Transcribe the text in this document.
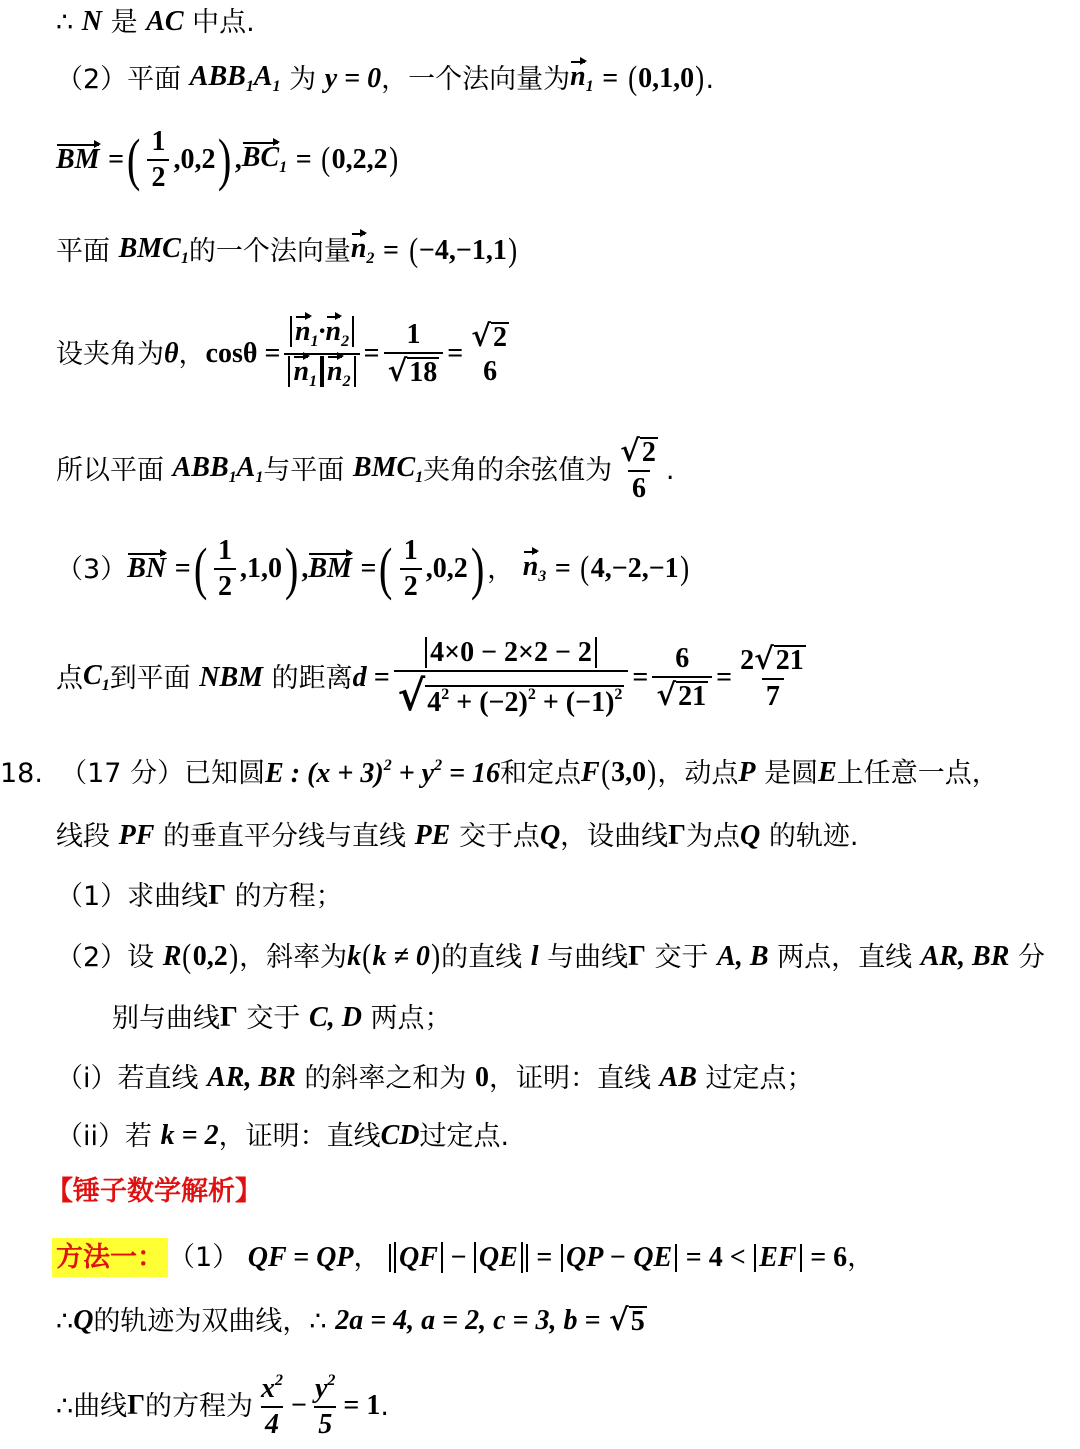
∴
N
是
AC
中点.
（2）平面
$ABB_1A_1$
为
y = 0 ，一个法向量为 $n_1$
=
( 0,1,0 ) .
BM
= ( $\frac{1}{2} ,0,2$ ) , $BC_1$
=
( 0,2,2 )
平面
$BMC_1$ 的一个法向量 $n_2$
=
( −4,−1,1 )
设夹角为 θ ， $\cos\theta = \frac{n_1\cdot n_2}{n_1 n_2} = \frac{1}{√ 18}$ = √ 2
6
所以平面
$ABB_1A_1$ 与平面
$BMC_1$ 夹角的余弦值为 $\frac{√ 2}{6}$ .
（3） BN
= ( $\frac{1}{2} ,1,0$ ) , BM
= ( $\frac{1}{2} ,0,2$ ) ， $n_3$
=
( 4,−2,−1 )
点 $C_1$ 到平面
NBM
的距离 $d = \frac{4\times 0 - 2\times 2 - 2}{√ 4^2 + (-2)^2 + (-1)^2} = \frac{6}{√ 21} = \frac{2 √ 21}{7}$
18.
（17 分）已知圆 E : $(x + 3)^2 + y^2 = 16$ 和定点 F ( 3,0 ) ，动点 P
是圆 E 上任意一点，
线段
PF
的垂直平分线与直线
PE
交于点 Q ，设曲线 Γ 为点 Q
的轨迹.
（1）求曲线 Γ
的方程；
（2）设
R ( 0,2 ) ，斜率为 k ( k ≠ 0 ) 的直线
l
与曲线 Γ
交于
A, B
两点，直线
AR, BR
分
别与曲线 Γ
交于
C, D
两点；
（i）若直线
AR, BR
的斜率之和为
0 ，证明：直线
AB
过定点；
（ii）若
k = 2 ，证明：直线 CD 过定点.
【锤子数学解析】
方法一： （1）
QF = QP ，
QF − QE
=
QP − QE
= 4 <
EF
= 6 ，
∴ Q 的轨迹为双曲线， ∴
2a = 4, a = 2, c = 3, b =
√ 5
∴ 曲线 Γ 的方程为 $\frac{x^2}{4} - \frac{y^2}{5} = 1$ .
